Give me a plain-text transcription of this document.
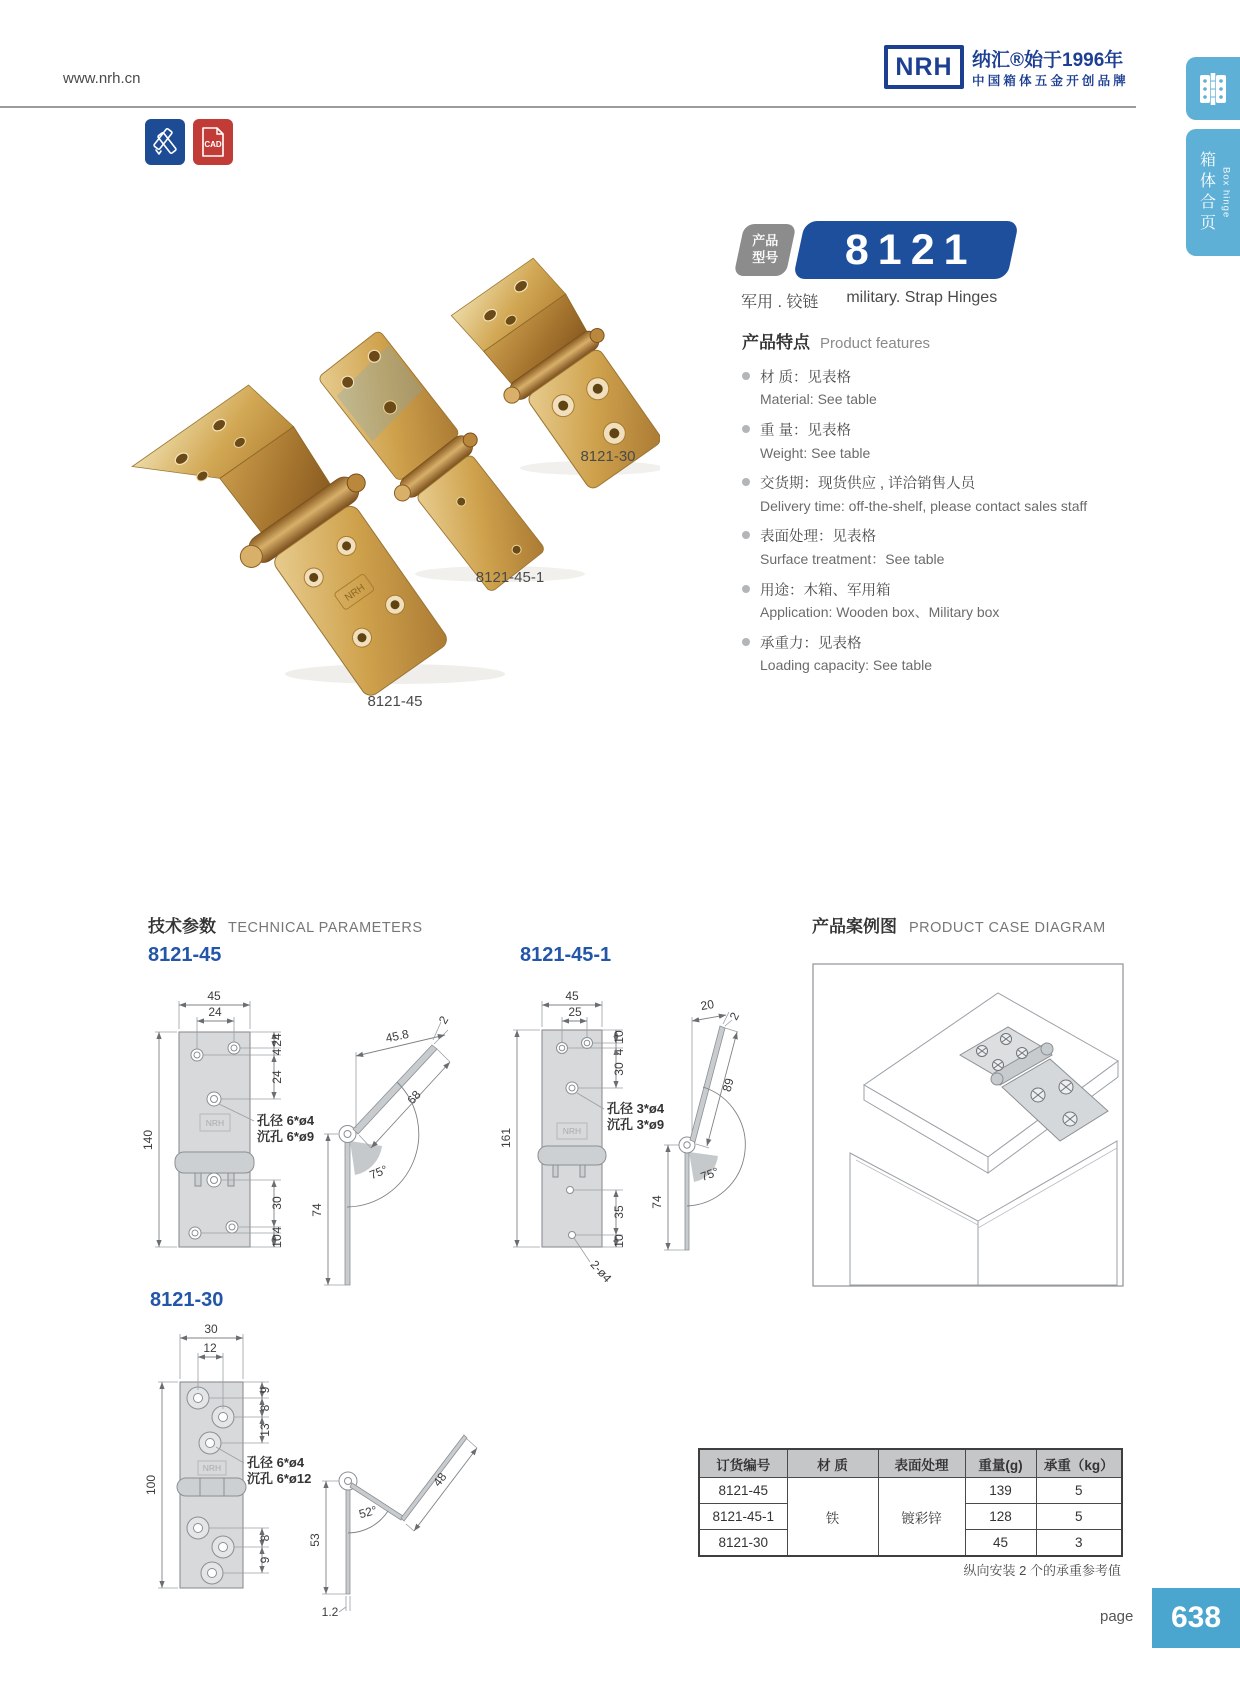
www.nrh.cn	NRH 纳汇®始于1996年
中国箱体五金开创品牌
CAD
箱体合页 Box hinge
NRH
8121-30
8121-45-1
8121-45
产品型号 8121
军用 . 铰链 military. Strap Hinges
产品特点 Product features
材 质：见表格
Material: See table
重 量：见表格
Weight: See table
交货期：现货供应 , 详洽销售人员
Delivery time: off-the-shelf, please contact sales staff
表面处理：见表格
Surface treatment：See table
用途：木箱、军用箱
Application: Wooden box、Military box
承重力：见表格
Loading capacity: See table
技术参数 TECHNICAL PARAMETERS	产品案例图 PRODUCT CASE DIAGRAM
8121-45	8121-45-1
8121-30
NRH
45
24
140
24
4
24
孔径 6*ø4
沉孔 6*ø9
30
4
10
45.8
2
68
75°
74
NRH
45
25
10
4
30
161
孔径 3*ø4
沉孔 3*ø9
35
10
2-ø4
20
2
89
75°
74
NRH
30
12
100
9
8
13
8
9
孔径 6*ø4
沉孔 6*ø12
52°
48
53
1.2
订货编号	材 质	表面处理	重量(g)	承重（kg）
8121-45	铁	镀彩锌	139	5
8121-45-1			128	5
8121-30			45	3
纵向安装 2 个的承重参考值
page 638
